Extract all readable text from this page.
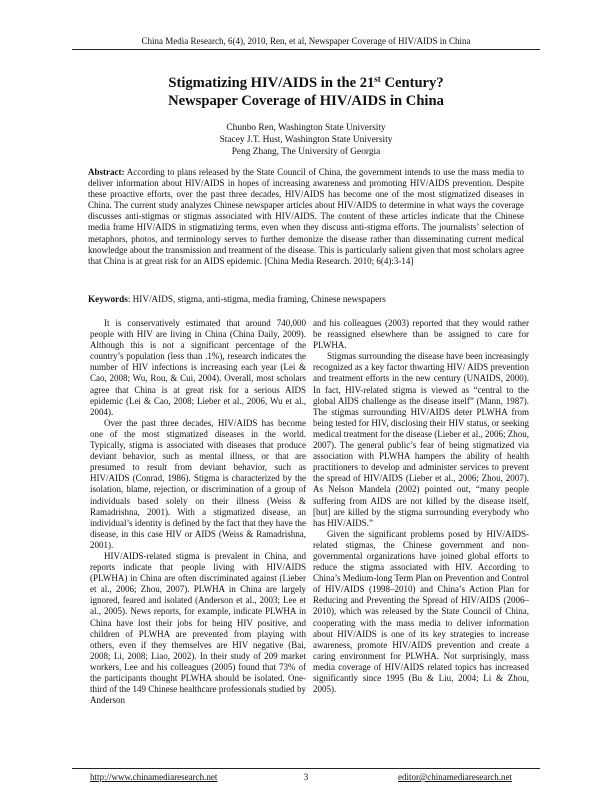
China Media Research, 6(4), 2010, Ren, et al, Newspaper Coverage of HIV/AIDS in China
Stigmatizing HIV/AIDS in the 21st Century?
Newspaper Coverage of HIV/AIDS in China
Chunbo Ren, Washington State University
Stacey J.T. Hust, Washington State University
Peng Zhang, The University of Georgia

Abstract: According to plans released by the State Council of China, the government intends to use the mass media to deliver information about HIV/AIDS in hopes of increasing awareness and promoting HIV/AIDS prevention. Despite these proactive efforts, over the past three decades, HIV/AIDS has become one of the most stigmatized diseases in China. The current study analyzes Chinese newspaper articles about HIV/AIDS to determine in what ways the coverage discusses anti-stigmas or stigmas associated with HIV/AIDS. The content of these articles indicate that the Chinese media frame HIV/AIDS in stigmatizing terms, even when they discuss anti-stigma efforts. The journalists’ selection of metaphors, photos, and terminology serves to further demonize the disease rather than disseminating current medical knowledge about the transmission and treatment of the disease. This is particularly salient given that most scholars agree that China is at great risk for an AIDS epidemic. [China Media Research. 2010; 6(4):3-14]

Keywords: HIV/AIDS, stigma, anti-stigma, media framing, Chinese newspapers

It is conservatively estimated that around 740,000 people with HIV are living in China (China Daily, 2009). Although this is not a significant percentage of the country’s population (less than .1%), research indicates the number of HIV infections is increasing each year (Lei & Cao, 2008; Wu, Rou, & Cui, 2004). Overall, most scholars agree that China is at great risk for a serious AIDS epidemic (Lei & Cao, 2008; Lieber et al., 2006, Wu et al., 2004).

Over the past three decades, HIV/AIDS has become one of the most stigmatized diseases in the world. Typically, stigma is associated with diseases that produce deviant behavior, such as mental illness, or that are presumed to result from deviant behavior, such as HIV/AIDS (Conrad, 1986). Stigma is characterized by the isolation, blame, rejection, or discrimination of a group of individuals based solely on their illness (Weiss & Ramadrishna, 2001). With a stigmatized disease, an individual’s identity is defined by the fact that they have the disease, in this case HIV or AIDS (Weiss & Ramadrishna, 2001).

HIV/AIDS-related stigma is prevalent in China, and reports indicate that people living with HIV/AIDS (PLWHA) in China are often discriminated against (Lieber et al., 2006; Zhou, 2007). PLWHA in China are largely ignored, feared and isolated (Anderson et al., 2003; Lee et al., 2005). News reports, for example, indicate PLWHA in China have lost their jobs for being HIV positive, and children of PLWHA are prevented from playing with others, even if they themselves are HIV negative (Bai, 2008; Li, 2008; Liao, 2002). In their study of 209 market workers, Lee and his colleagues (2005) found that 73% of the participants thought PLWHA should be isolated. One-third of the 149 Chinese healthcare professionals studied by Anderson

and his colleagues (2003) reported that they would rather be reassigned elsewhere than be assigned to care for PLWHA.

Stigmas surrounding the disease have been increasingly recognized as a key factor thwarting HIV/ AIDS prevention and treatment efforts in the new century (UNAIDS, 2000). In fact, HIV-related stigma is viewed as “central to the global AIDS challenge as the disease itself” (Mann, 1987). The stigmas surrounding HIV/AIDS deter PLWHA from being tested for HIV, disclosing their HIV status, or seeking medical treatment for the disease (Lieber et al., 2006; Zhou, 2007). The general public’s fear of being stigmatized via association with PLWHA hampers the ability of health practitioners to develop and administer services to prevent the spread of HIV/AIDS (Lieber et al., 2006; Zhou, 2007). As Nelson Mandela (2002) pointed out, “many people suffering from AIDS are not killed by the disease itself, [but] are killed by the stigma surrounding everybody who has HIV/AIDS.”

Given the significant problems posed by HIV/AIDS-related stigmas, the Chinese government and non-governmental organizations have joined global efforts to reduce the stigma associated with HIV. According to China’s Medium-long Term Plan on Prevention and Control of HIV/AIDS (1998–2010) and China’s Action Plan for Reducing and Preventing the Spread of HIV/AIDS (2006–2010), which was released by the State Council of China, cooperating with the mass media to deliver information about HIV/AIDS is one of its key strategies to increase awareness, promote HIV/AIDS prevention and create a caring environment for PLWHA. Not surprisingly, mass media coverage of HIV/AIDS related topics has increased significantly since 1995 (Bu & Liu, 2004; Li & Zhou, 2005).

http://www.chinamediaresearch.net	3	editor@chinamediaresearch.net
